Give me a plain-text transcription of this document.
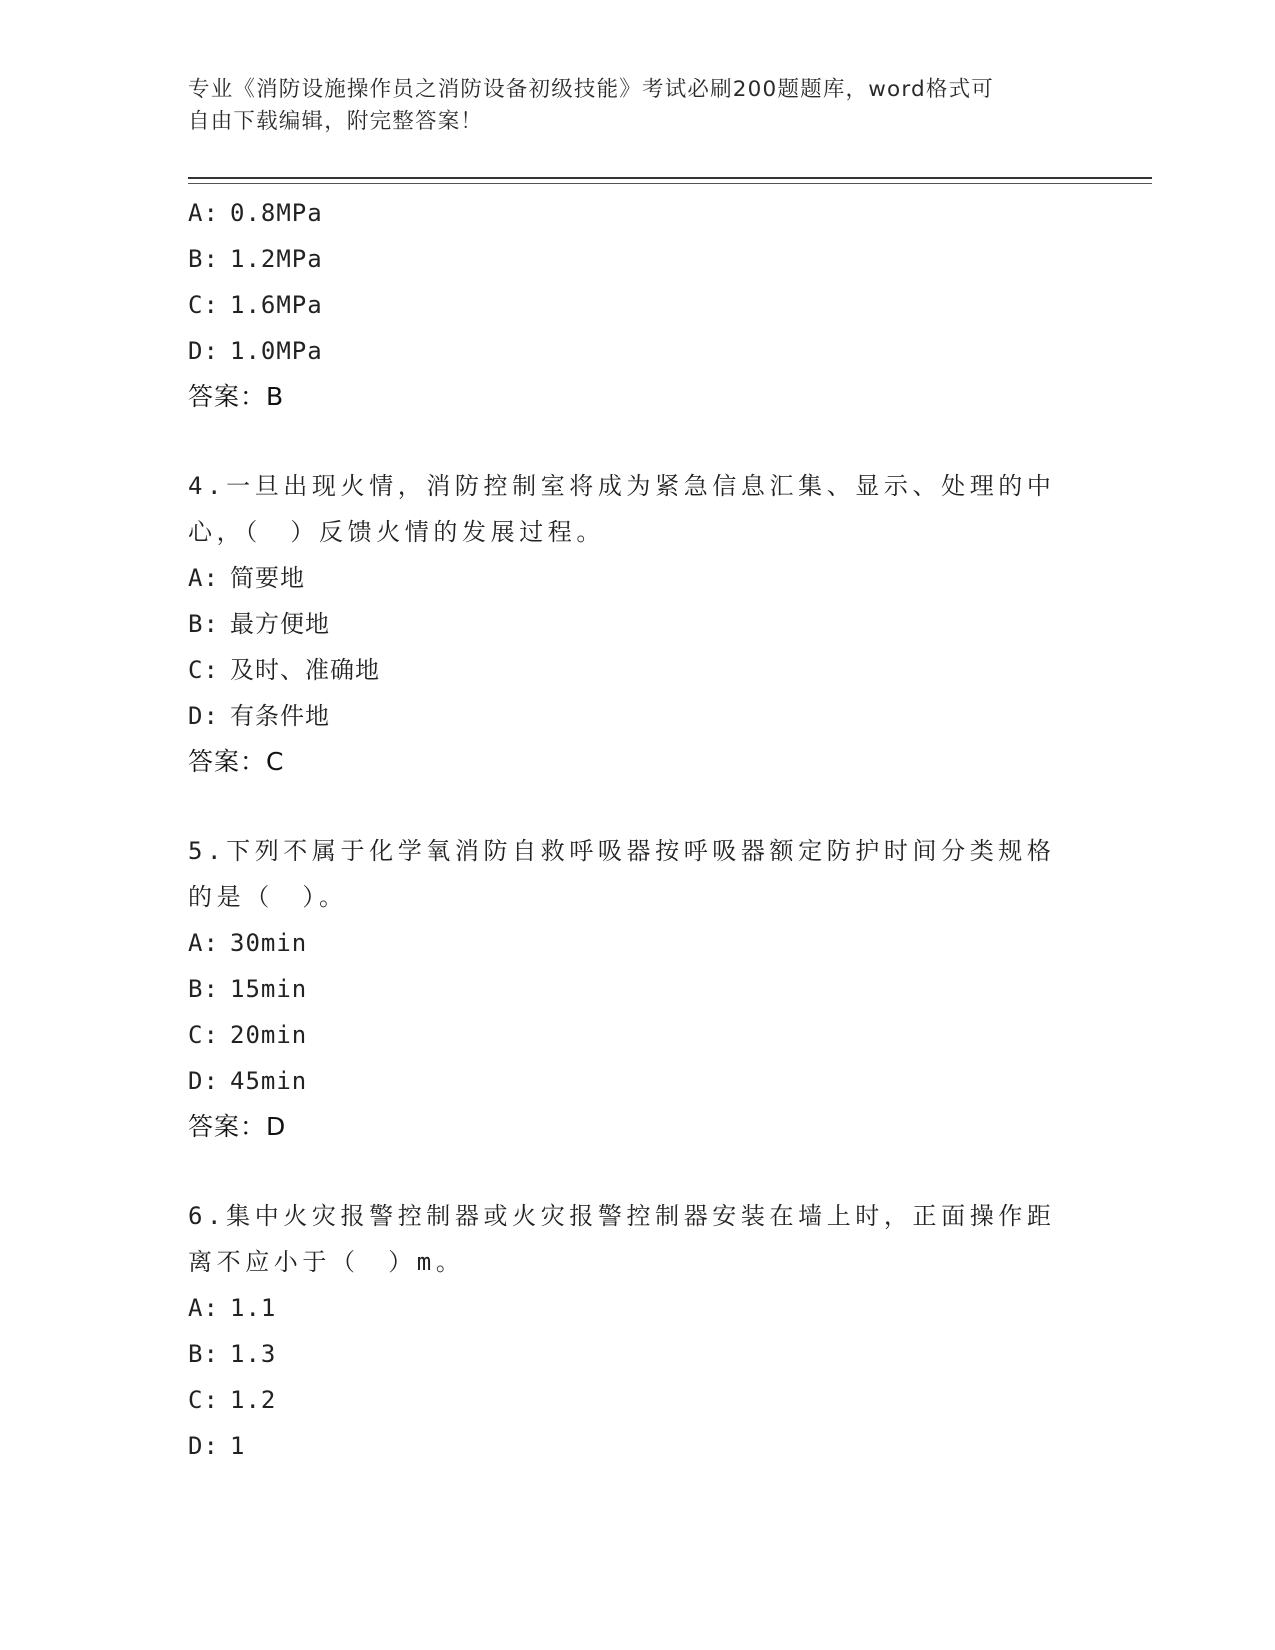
专业《消防设施操作员之消防设备初级技能》考试必刷200题题库，word格式可
自由下载编辑，附完整答案！
A: 0.8MPa
B: 1.2MPa
C: 1.6MPa
D: 1.0MPa
答案：B
4.一旦出现火情，消防控制室将成为紧急信息汇集、显示、处理的中
心，（　）反馈火情的发展过程。
A: 简要地
B: 最方便地
C: 及时、准确地
D: 有条件地
答案：C
5.下列不属于化学氧消防自救呼吸器按呼吸器额定防护时间分类规格
的是（　）。
A: 30min
B: 15min
C: 20min
D: 45min
答案：D
6.集中火灾报警控制器或火灾报警控制器安装在墙上时，正面操作距
离不应小于（　）m。
A: 1.1
B: 1.3
C: 1.2
D: 1
